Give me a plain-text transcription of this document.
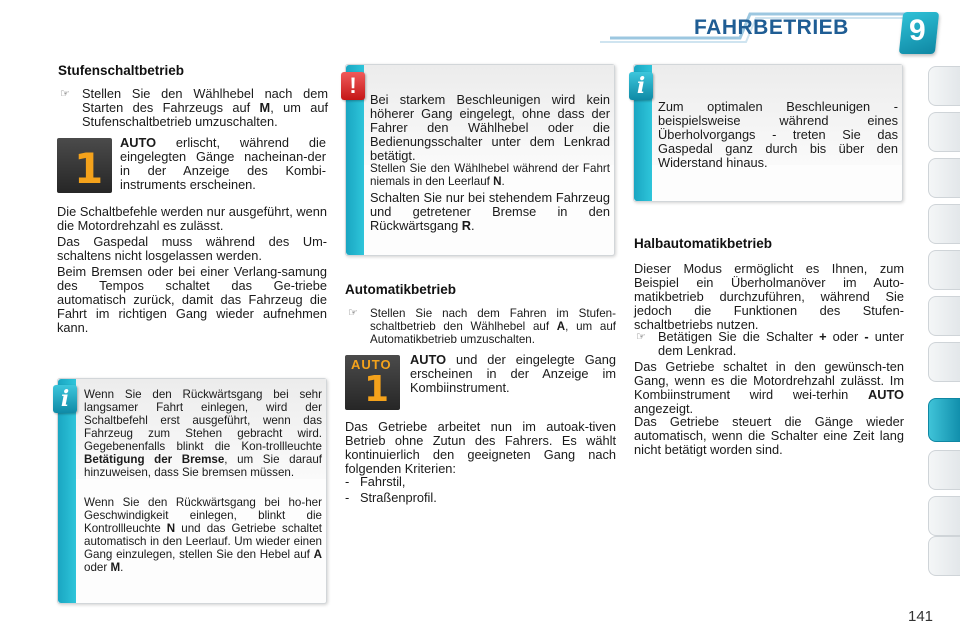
FAHRBETRIEB 9
Stufenschaltbetrieb
☞ Stellen Sie den Wählhebel nach dem Starten des Fahrzeugs auf M, um auf Stufenschaltbetrieb umzuschalten.
1
AUTO erlischt, während die eingelegten Gänge nacheinan-der in der Anzeige des Kombi-instruments erscheinen.
Die Schaltbefehle werden nur ausgeführt, wenn die Motordrehzahl es zulässt.
Das Gaspedal muss während des Um-schaltens nicht losgelassen werden.
Beim Bremsen oder bei einer Verlang-samung des Tempos schaltet das Ge-triebe automatisch zurück, damit das Fahrzeug die Fahrt im richtigen Gang wieder aufnehmen kann.
Wenn Sie den Rückwärtsgang bei sehr langsamer Fahrt einlegen, wird der Schaltbefehl erst ausgeführt, wenn das Fahrzeug zum Stehen gebracht wird. Gegebenenfalls blinkt die Kon-trollleuchte Betätigung der Bremse, um Sie darauf hinzuweisen, dass Sie bremsen müssen.
Wenn Sie den Rückwärtsgang bei ho-her Geschwindigkeit einlegen, blinkt die Kontrollleuchte N und das Getriebe schaltet automatisch in den Leerlauf. Um wieder einen Gang einzulegen, stellen Sie den Hebel auf A oder M.
i
Bei starkem Beschleunigen wird kein höherer Gang eingelegt, ohne dass der Fahrer den Wählhebel oder die Bedienungsschalter unter dem Lenkrad betätigt.
Stellen Sie den Wählhebel während der Fahrt niemals in den Leerlauf N.
Schalten Sie nur bei stehendem Fahrzeug und getretener Bremse in den Rückwärtsgang R.
!
Automatikbetrieb
☞ Stellen Sie nach dem Fahren im Stufen-schaltbetrieb den Wählhebel auf A, um auf Automatikbetrieb umzuschalten.
AUTO
1
AUTO und der eingelegte Gang erscheinen in der Anzeige im Kombiinstrument.
Das Getriebe arbeitet nun im autoak-tiven Betrieb ohne Zutun des Fahrers. Es wählt kontinuierlich den geeigneten Gang nach folgenden Kriterien:
-   Fahrstil,
-   Straßenprofil.
Zum optimalen Beschleunigen - beispielsweise während eines Überholvorgangs - treten Sie das Gaspedal ganz durch bis über den Widerstand hinaus.
i
Halbautomatikbetrieb
Dieser Modus ermöglicht es Ihnen, zum Beispiel ein Überholmanöver im Auto-matikbetrieb durchzuführen, während Sie jedoch die Funktionen des Stufen-schaltbetriebs nutzen.
☞ Betätigen Sie die Schalter + oder - unter dem Lenkrad.
Das Getriebe schaltet in den gewünsch-ten Gang, wenn es die Motordrehzahl zulässt. Im Kombiinstrument wird wei-terhin AUTO angezeigt.
Das Getriebe steuert die Gänge wieder automatisch, wenn die Schalter eine Zeit lang nicht betätigt worden sind.
141
